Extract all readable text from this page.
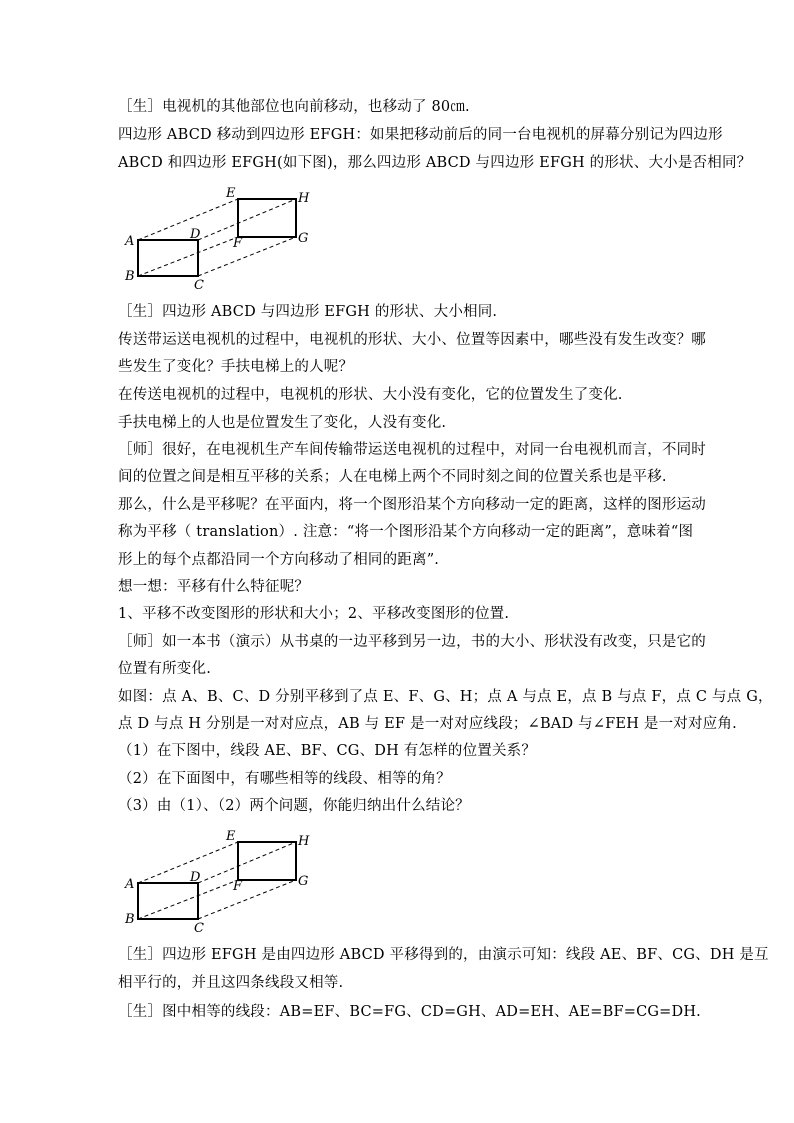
［生］电视机的其他部位也向前移动，也移动了 80㎝.
四边形 ABCD 移动到四边形 EFGH：如果把移动前后的同一台电视机的屏幕分别记为四边形
ABCD 和四边形 EFGH(如下图)，那么四边形 ABCD 与四边形 EFGH 的形状、大小是否相同？
A
B
C
D
E
F	G
H
［生］四边形 ABCD 与四边形 EFGH 的形状、大小相同.
传送带运送电视机的过程中，电视机的形状、大小、位置等因素中，哪些没有发生改变？哪
些发生了变化？手扶电梯上的人呢？
在传送电视机的过程中，电视机的形状、大小没有变化，它的位置发生了变化.
手扶电梯上的人也是位置发生了变化，人没有变化.
［师］很好，在电视机生产车间传输带运送电视机的过程中，对同一台电视机而言，不同时
间的位置之间是相互平移的关系；人在电梯上两个不同时刻之间的位置关系也是平移.
那么，什么是平移呢？在平面内，将一个图形沿某个方向移动一定的距离，这样的图形运动
称为平移（ translation）. 注意：“将一个图形沿某个方向移动一定的距离”，意味着“图
形上的每个点都沿同一个方向移动了相同的距离”.
想一想：平移有什么特征呢？
1、平移不改变图形的形状和大小；2、平移改变图形的位置.
［师］如一本书（演示）从书桌的一边平移到另一边，书的大小、形状没有改变，只是它的
位置有所变化.
如图：点 A、B、C、D 分别平移到了点 E、F、G、H；点 A 与点 E，点 B 与点 F，点 C 与点 G，
点 D 与点 H 分别是一对对应点，AB 与 EF 是一对对应线段；∠BAD 与∠FEH 是一对对应角.
（1）在下图中，线段 AE、BF、CG、DH 有怎样的位置关系？
（2）在下面图中，有哪些相等的线段、相等的角？
（3）由（1）、（2）两个问题，你能归纳出什么结论？
A
B
C
D
E
F	G
H
［生］四边形 EFGH 是由四边形 ABCD 平移得到的，由演示可知：线段 AE、BF、CG、DH 是互
相平行的，并且这四条线段又相等.
［生］图中相等的线段：AB=EF、BC=FG、CD=GH、AD=EH、AE=BF=CG=DH.
